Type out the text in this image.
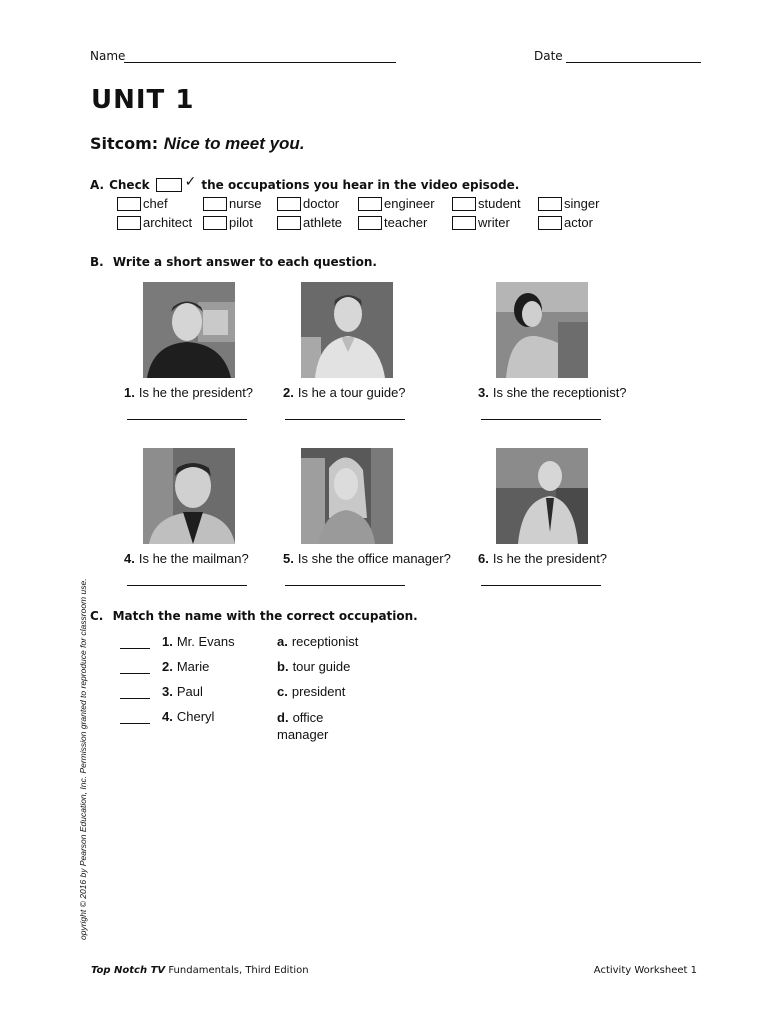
Name	Date
UNIT 1
Sitcom: Nice to meet you.
A. Check	✓ the occupations you hear in the video episode.
chef	nurse	doctor	engineer	student	singer
architect	pilot	athlete	teacher	writer	actor
B. Write a short answer to each question.
1. Is he the president? 2. Is he a tour guide?	3. Is she the receptionist?
4. Is he the mailman?	5. Is she the office manager? 6. Is he the president?
C. Match the name with the correct occupation.
1. Mr. Evans	a. receptionist
2. Marie	b. tour guide
3. Paul	c. president
4. Cheryl	d. office
manager
opyright © 2016 by Pearson Education, Inc. Permission granted to reproduce for classroom use.
Top Notch TV Fundamentals, Third Edition	Activity Worksheet 1
